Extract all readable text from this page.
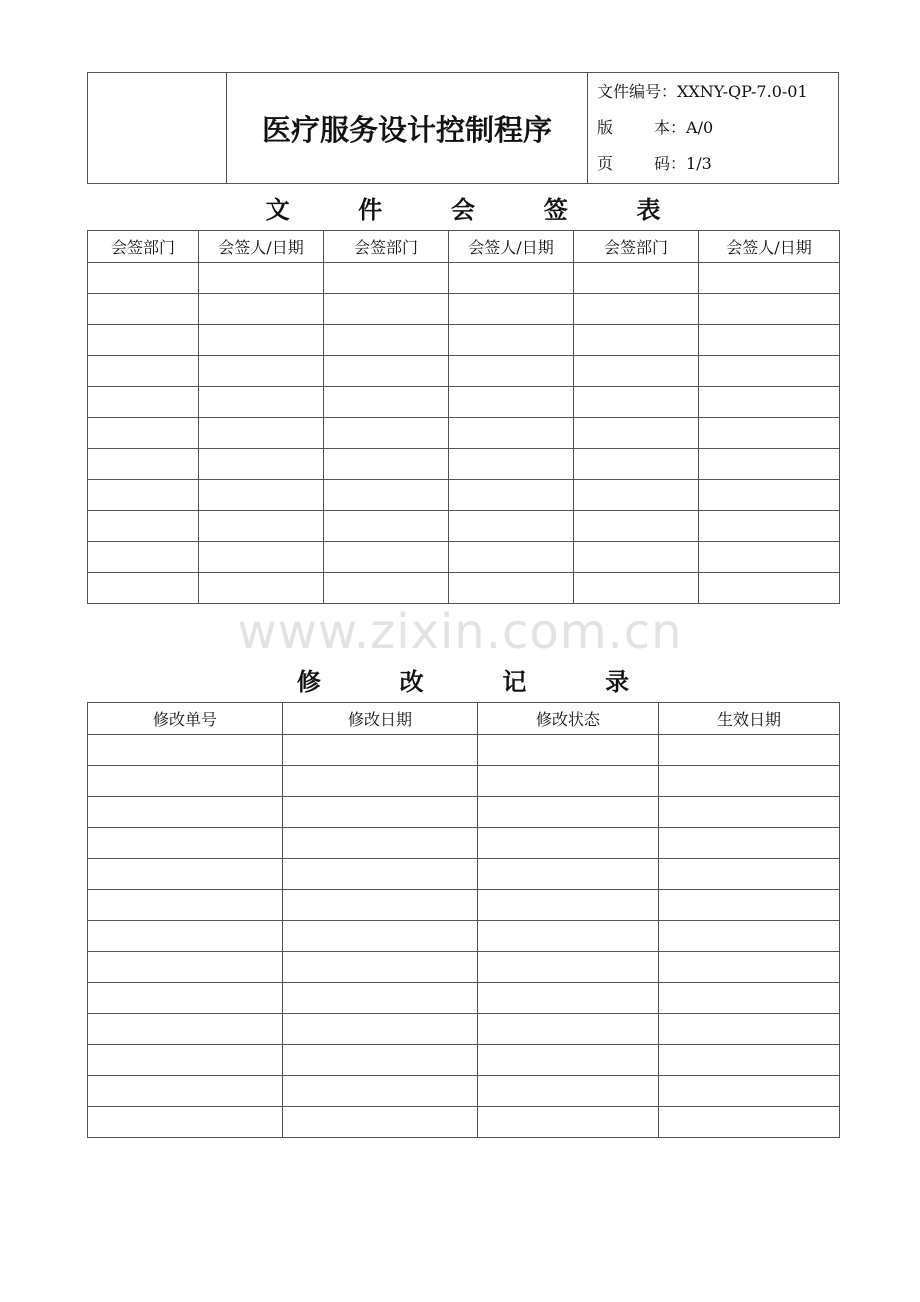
	医疗服务设计控制程序	
文件编号：XXNY-QP-7.0-01
版	本：A/0
页	码：1/3
文	件	会	签	表
会签部门	会签人/日期	会签部门	会签人/日期	会签部门	会签人/日期

www.zixin.com.cn
修	改	记	录
修改单号	修改日期	修改状态	生效日期
